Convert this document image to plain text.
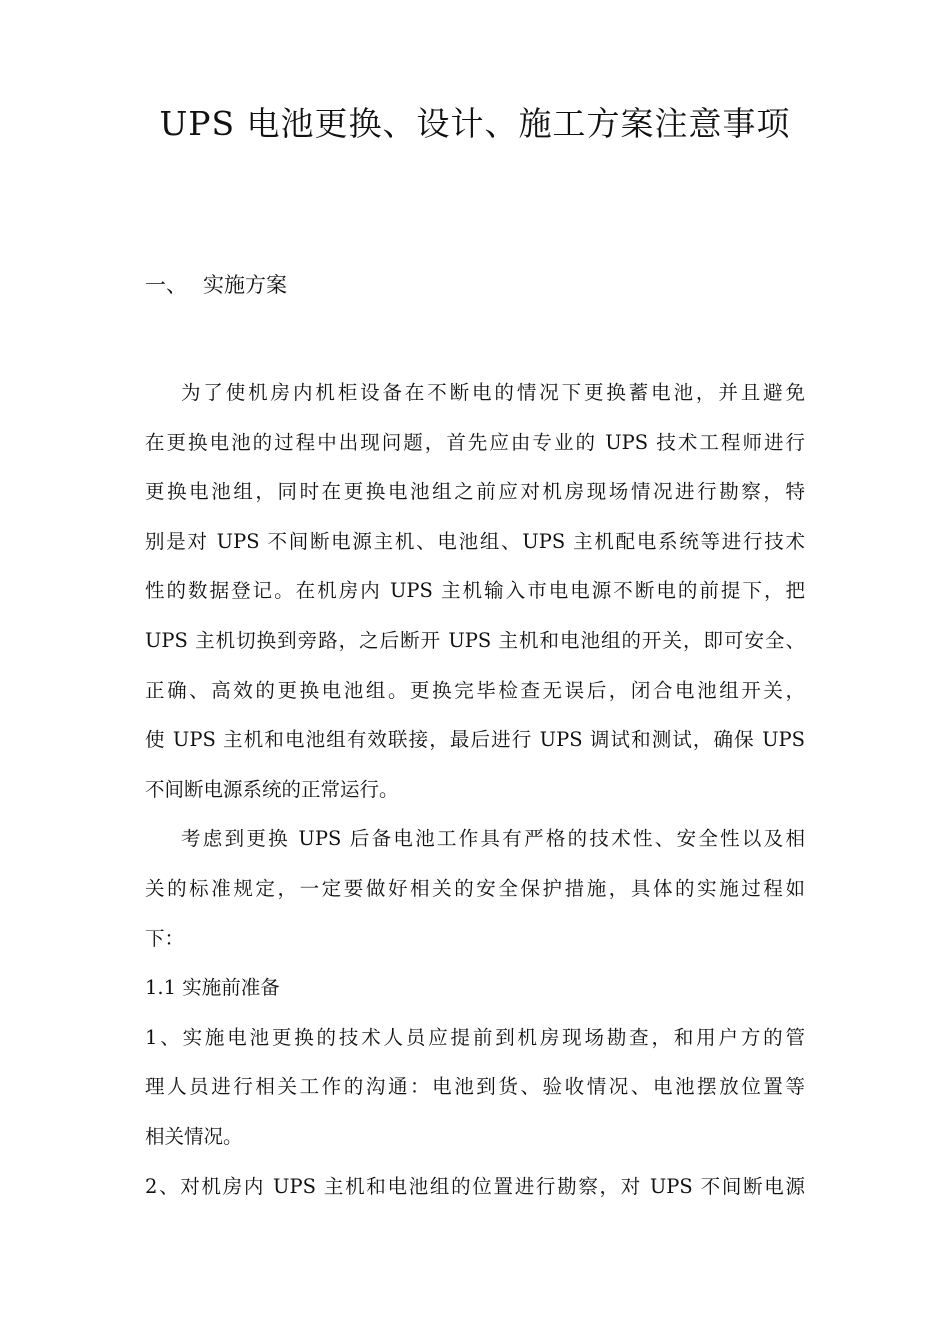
UPS 电池更换、设计、施工方案注意事项
一、 实施方案
为了使机房内机柜设备在不断电的情况下更换蓄电池，并且避免
在更换电池的过程中出现问题，首先应由专业的 UPS 技术工程师进行
更换电池组，同时在更换电池组之前应对机房现场情况进行勘察，特
别是对 UPS 不间断电源主机、电池组、UPS 主机配电系统等进行技术
性的数据登记。在机房内 UPS 主机输入市电电源不断电的前提下，把
UPS 主机切换到旁路，之后断开 UPS 主机和电池组的开关，即可安全、
正确、高效的更换电池组。更换完毕检查无误后，闭合电池组开关，
使 UPS 主机和电池组有效联接，最后进行 UPS 调试和测试，确保 UPS
不间断电源系统的正常运行。
考虑到更换 UPS 后备电池工作具有严格的技术性、安全性以及相
关的标准规定，一定要做好相关的安全保护措施，具体的实施过程如
下：
1.1 实施前准备
1、实施电池更换的技术人员应提前到机房现场勘查，和用户方的管
理人员进行相关工作的沟通：电池到货、验收情况、电池摆放位置等
相关情况。
2、对机房内 UPS 主机和电池组的位置进行勘察，对 UPS 不间断电源
